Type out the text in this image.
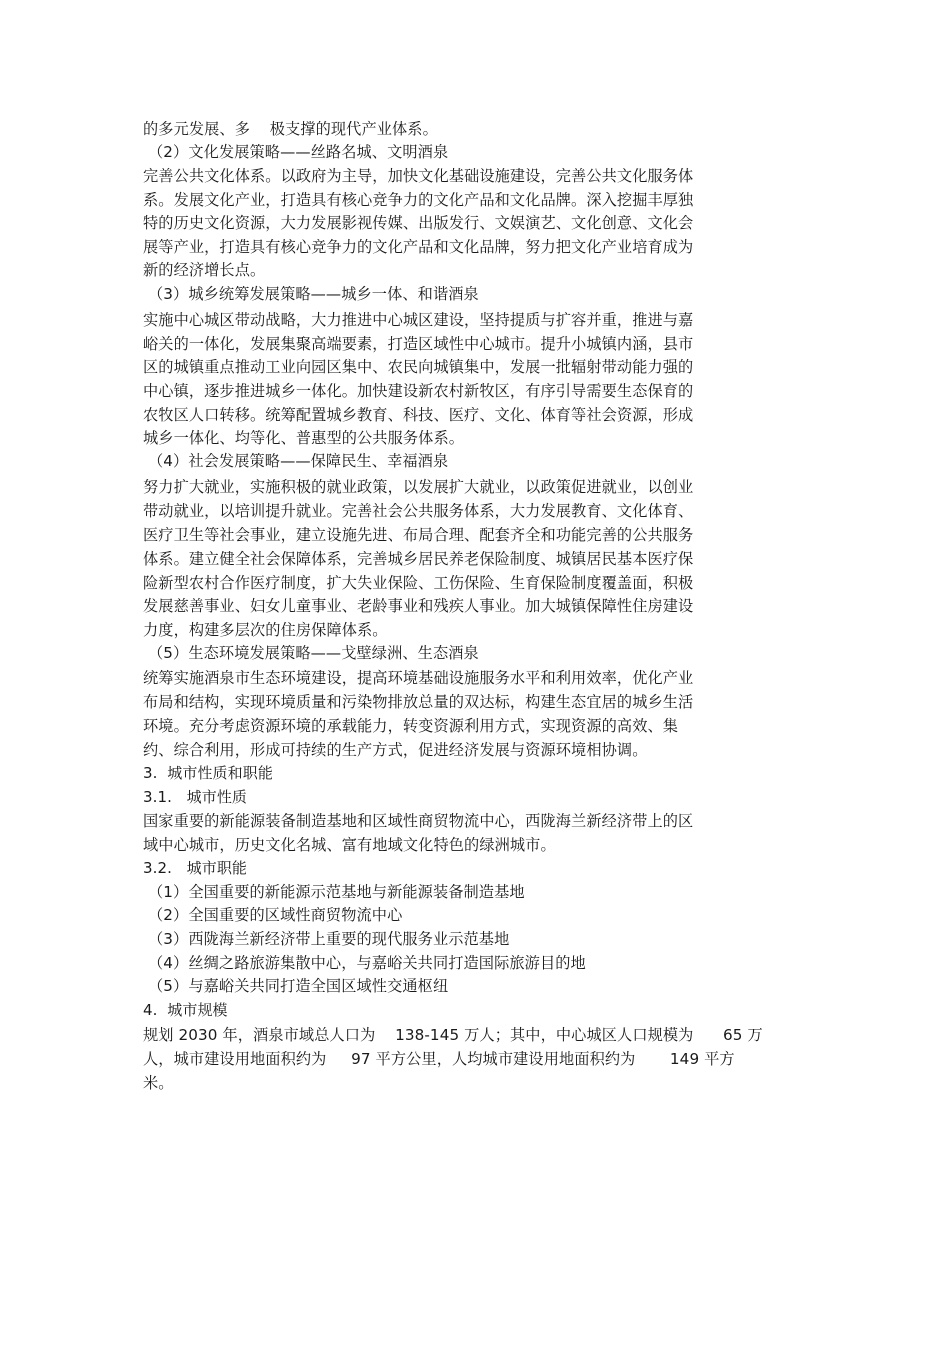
的多元发展、多    极支撑的现代产业体系。
（2）文化发展策略——丝路名城、文明酒泉
完善公共文化体系。以政府为主导，加快文化基础设施建设，完善公共文化服务体
系。发展文化产业，打造具有核心竞争力的文化产品和文化品牌。深入挖掘丰厚独
特的历史文化资源，大力发展影视传媒、出版发行、文娱演艺、文化创意、文化会
展等产业，打造具有核心竞争力的文化产品和文化品牌，努力把文化产业培育成为
新的经济增长点。
（3）城乡统筹发展策略——城乡一体、和谐酒泉
实施中心城区带动战略，大力推进中心城区建设，坚持提质与扩容并重，推进与嘉
峪关的一体化，发展集聚高端要素，打造区域性中心城市。提升小城镇内涵，县市
区的城镇重点推动工业向园区集中、农民向城镇集中，发展一批辐射带动能力强的
中心镇，逐步推进城乡一体化。加快建设新农村新牧区，有序引导需要生态保育的
农牧区人口转移。统筹配置城乡教育、科技、医疗、文化、体育等社会资源，形成
城乡一体化、均等化、普惠型的公共服务体系。
（4）社会发展策略——保障民生、幸福酒泉
努力扩大就业，实施积极的就业政策，以发展扩大就业，以政策促进就业，以创业
带动就业，以培训提升就业。完善社会公共服务体系，大力发展教育、文化体育、
医疗卫生等社会事业，建立设施先进、布局合理、配套齐全和功能完善的公共服务
体系。建立健全社会保障体系，完善城乡居民养老保险制度、城镇居民基本医疗保
险新型农村合作医疗制度，扩大失业保险、工伤保险、生育保险制度覆盖面，积极
发展慈善事业、妇女儿童事业、老龄事业和残疾人事业。加大城镇保障性住房建设
力度，构建多层次的住房保障体系。
（5）生态环境发展策略——戈壁绿洲、生态酒泉
统筹实施酒泉市生态环境建设，提高环境基础设施服务水平和利用效率，优化产业
布局和结构，实现环境质量和污染物排放总量的双达标，构建生态宜居的城乡生活
环境。充分考虑资源环境的承载能力，转变资源利用方式，实现资源的高效、集
约、综合利用，形成可持续的生产方式，促进经济发展与资源环境相协调。
3.  城市性质和职能
3.1.   城市性质
国家重要的新能源装备制造基地和区域性商贸物流中心，西陇海兰新经济带上的区
域中心城市，历史文化名城、富有地域文化特色的绿洲城市。
3.2.   城市职能
（1）全国重要的新能源示范基地与新能源装备制造基地
（2）全国重要的区域性商贸物流中心
（3）西陇海兰新经济带上重要的现代服务业示范基地
（4）丝绸之路旅游集散中心，与嘉峪关共同打造国际旅游目的地
（5）与嘉峪关共同打造全国区域性交通枢纽
4.  城市规模
规划 2030 年，酒泉市域总人口为    138-145 万人；其中，中心城区人口规模为      65 万
人，城市建设用地面积约为     97 平方公里，人均城市建设用地面积约为       149 平方
米。
